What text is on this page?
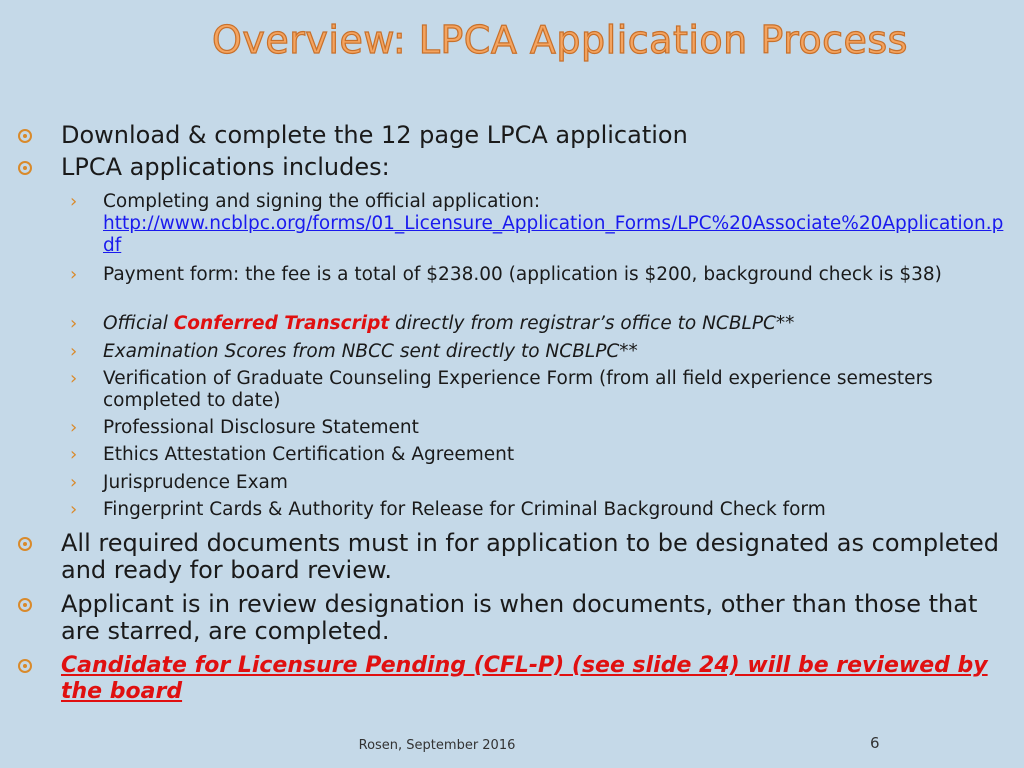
Overview: LPCA Application Process
Download & complete the 12 page LPCA application
LPCA applications includes:
› Completing and signing the official application:
http://www.ncblpc.org/forms/01_Licensure_Application_Forms/LPC%20Associate%20Application.pdf
› Payment form: the fee is a total of $238.00 (application is $200, background check is $38)
› Official Conferred Transcript directly from registrar’s office to NCBLPC**
› Examination Scores from NBCC sent directly to NCBLPC**
› Verification of Graduate Counseling Experience Form (from all field experience semesters completed to date)
› Professional Disclosure Statement
› Ethics Attestation Certification & Agreement
› Jurisprudence Exam
› Fingerprint Cards & Authority for Release for Criminal Background Check form
All required documents must in for application to be designated as completed and ready for board review.
Applicant is in review designation is when documents, other than those that are starred, are completed.
Candidate for Licensure Pending (CFL-P) (see slide 24) will be reviewed by the board
Rosen, September 2016	6
